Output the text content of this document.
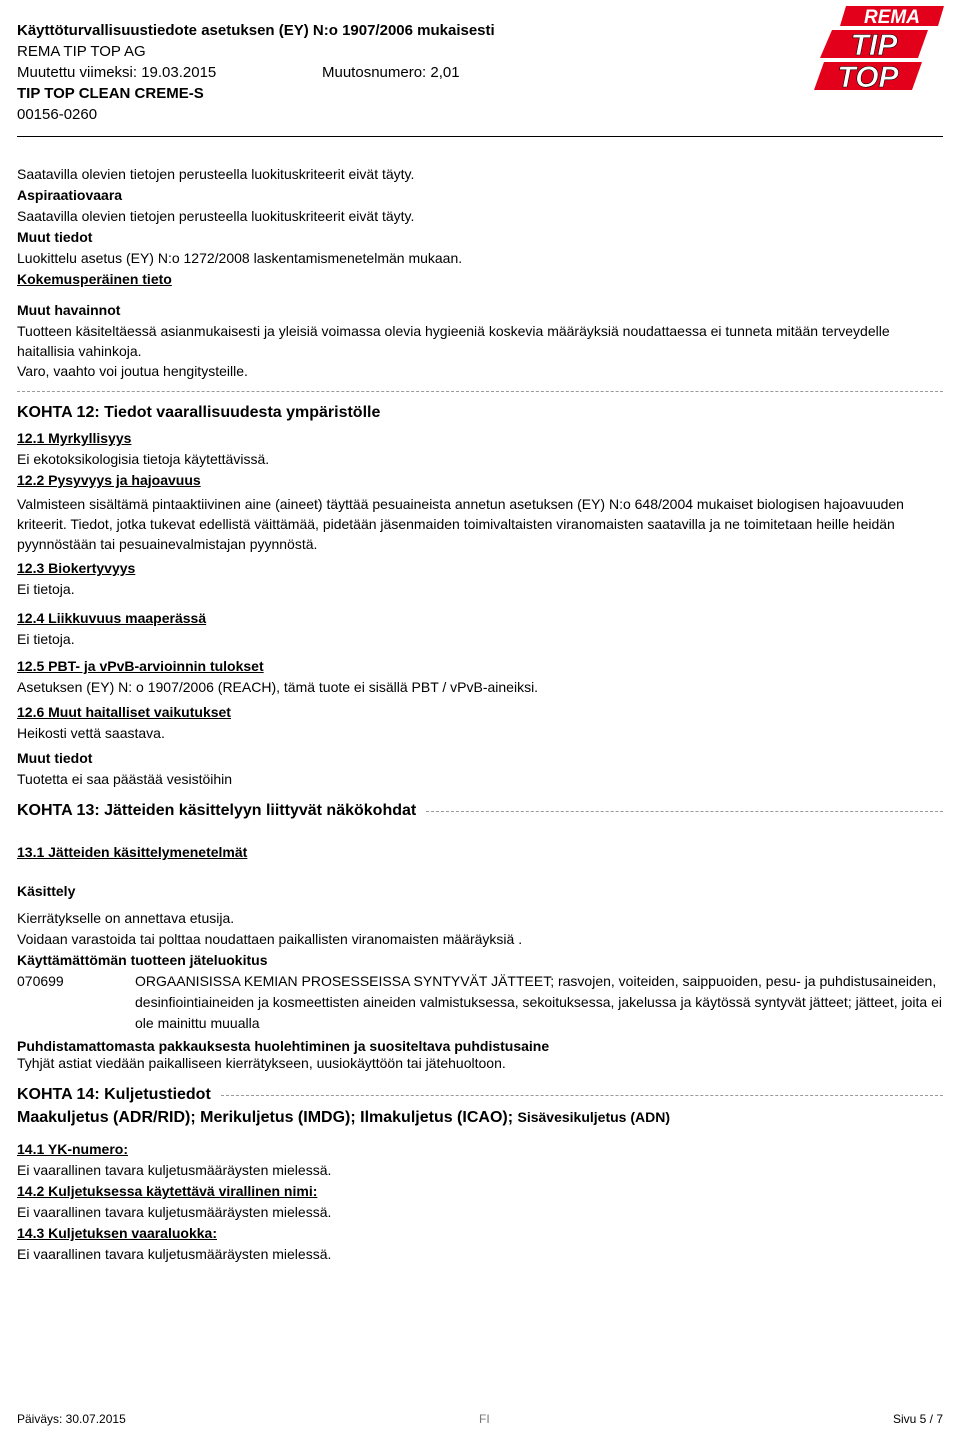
Käyttöturvallisuustiedote asetuksen (EY) N:o 1907/2006 mukaisesti
REMA TIP TOP AG
Muutettu viimeksi: 19.03.2015	Muutosnumero: 2,01
TIP TOP CLEAN CREME-S
00156-0260
REMA
TIP
TOP
Saatavilla olevien tietojen perusteella luokituskriteerit eivät täyty.
Aspiraatiovaara
Saatavilla olevien tietojen perusteella luokituskriteerit eivät täyty.
Muut tiedot
Luokittelu asetus (EY) N:o 1272/2008 laskentamismenetelmän mukaan.
Kokemusperäinen tieto
Muut havainnot
Tuotteen käsiteltäessä asianmukaisesti ja yleisiä voimassa olevia hygieeniä koskevia määräyksiä noudattaessa ei tunneta mitään terveydelle haitallisia vahinkoja.
Varo, vaahto voi joutua hengitysteille.
KOHTA 12: Tiedot vaarallisuudesta ympäristölle
12.1 Myrkyllisyys
Ei ekotoksikologisia tietoja käytettävissä.
12.2 Pysyvyys ja hajoavuus
Valmisteen sisältämä pintaaktiivinen aine (aineet) täyttää pesuaineista annetun asetuksen (EY) N:o 648/2004 mukaiset biologisen hajoavuuden kriteerit. Tiedot, jotka tukevat edellistä väittämää, pidetään jäsenmaiden toimivaltaisten viranomaisten saatavilla ja ne toimitetaan heille heidän pyynnöstään tai pesuainevalmistajan pyynnöstä.
12.3 Biokertyvyys
Ei tietoja.
12.4 Liikkuvuus maaperässä
Ei tietoja.
12.5 PBT- ja vPvB-arvioinnin tulokset
Asetuksen (EY) N: o 1907/2006 (REACH), tämä tuote ei sisällä PBT / vPvB-aineiksi.
12.6 Muut haitalliset vaikutukset
Heikosti vettä saastava.
Muut tiedot
Tuotetta ei saa päästää vesistöihin
KOHTA 13: Jätteiden käsittelyyn liittyvät näkökohdat
13.1 Jätteiden käsittelymenetelmät
Käsittely
Kierrätykselle on annettava etusija.
Voidaan varastoida tai polttaa noudattaen paikallisten viranomaisten määräyksiä .
Käyttämättömän tuotteen jäteluokitus
070699	ORGAANISISSA KEMIAN PROSESSEISSA SYNTYVÄT JÄTTEET; rasvojen, voiteiden, saippuoiden, pesu- ja puhdistusaineiden, desinfiointiaineiden ja kosmeettisten aineiden valmistuksessa, sekoituksessa, jakelussa ja käytössä syntyvät jätteet; jätteet, joita ei ole mainittu muualla
Puhdistamattomasta pakkauksesta huolehtiminen ja suositeltava puhdistusaine
Tyhjät astiat viedään paikalliseen kierrätykseen, uusiokäyttöön tai jätehuoltoon.
KOHTA 14: Kuljetustiedot
Maakuljetus (ADR/RID); Merikuljetus (IMDG); Ilmakuljetus (ICAO); Sisävesikuljetus (ADN)
14.1 YK-numero:
Ei vaarallinen tavara kuljetusmääräysten mielessä.
14.2 Kuljetuksessa käytettävä virallinen nimi:
Ei vaarallinen tavara kuljetusmääräysten mielessä.
14.3 Kuljetuksen vaaraluokka:
Ei vaarallinen tavara kuljetusmääräysten mielessä.
Päiväys: 30.07.2015	FI	Sivu 5 / 7
